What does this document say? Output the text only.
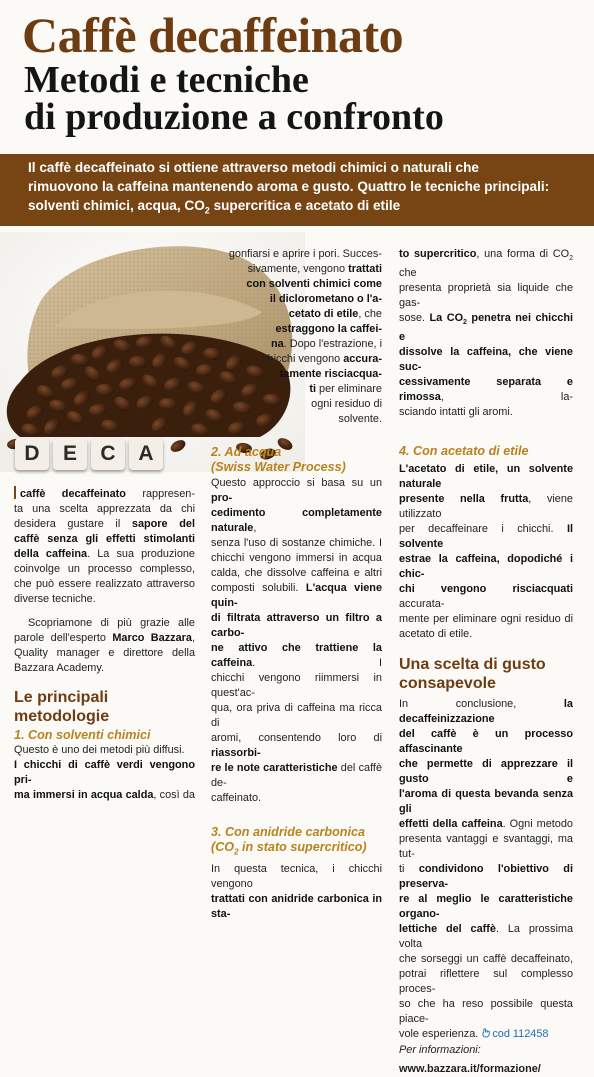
Caffè decaffeinato
Metodi e tecniche
di produzione a confronto
Il caffè decaffeinato si ottiene attraverso metodi chimici o naturali che
rimuovono la caffeina mantenendo aroma e gusto. Quattro le tecniche principali:
solventi chimici, acqua, $CO_2$ supercritica e acetato di etile
D	E	C	A
caffè decaffeinato rappresen-
ta una scelta apprezzata da chi
desidera gustare il sapore del
caffè senza gli effetti stimolanti
della caffeina. La sua produzione
coinvolge un processo complesso,
che può essere realizzato attraverso
diverse tecniche.
Scopriamone di più grazie alle
parole dell'esperto Marco Bazzara,
Quality manager e direttore della
Bazzara Academy.
Le principali
metodologie
1. Con solventi chimici
Questo è uno dei metodi più diffusi.
I chicchi di caffè verdi vengono pri-
ma immersi in acqua calda, così da
gonfiarsi e aprire i pori. Succes-
sivamente, vengono trattati
con solventi chimici come
il diclorometano o l'a-
cetato di etile, che
estraggono la caffei-
na. Dopo l'estrazione, i
chicchi vengono accura-
tamente risciacqua-
ti per eliminare
ogni residuo di
solvente.
2. Ad acqua
(Swiss Water Process)
Questo approccio si basa su un pro-
cedimento completamente naturale,
senza l'uso di sostanze chimiche. I
chicchi vengono immersi in acqua
calda, che dissolve caffeina e altri
composti solubili. L'acqua viene quin-
di filtrata attraverso un filtro a carbo-
ne attivo che trattiene la caffeina. I
chicchi vengono riimmersi in quest'ac-
qua, ora priva di caffeina ma ricca di
aromi, consentendo loro di riassorbi-
re le note caratteristiche del caffè de-
caffeinato.
3. Con anidride carbonica
($CO_2$ in stato supercritico)
In questa tecnica, i chicchi vengono
trattati con anidride carbonica in sta-
to supercritico, una forma di $CO_2$ che
presenta proprietà sia liquide che gas-
sose. La $CO_2$ penetra nei chicchi e
dissolve la caffeina, che viene suc-
cessivamente separata e rimossa, la-
sciando intatti gli aromi.
4. Con acetato di etile
L'acetato di etile, un solvente naturale
presente nella frutta, viene utilizzato
per decaffeinare i chicchi. Il solvente
estrae la caffeina, dopodiché i chic-
chi vengono risciacquati accurata-
mente per eliminare ogni residuo di
acetato di etile.
Una scelta di gusto
consapevole
In conclusione, la decaffeinizzazione
del caffè è un processo affascinante
che permette di apprezzare il gusto e
l'aroma di questa bevanda senza gli
effetti della caffeina. Ogni metodo
presenta vantaggi e svantaggi, ma tut-
ti condividono l'obiettivo di preserva-
re al meglio le caratteristiche organo-
lettiche del caffè. La prossima volta
che sorseggi un caffè decaffeinato,
potrai riflettere sul complesso proces-
so che ha reso possibile questa piace-
vole esperienza. cod 112458
Per informazioni:
www.bazzara.it/formazione/
